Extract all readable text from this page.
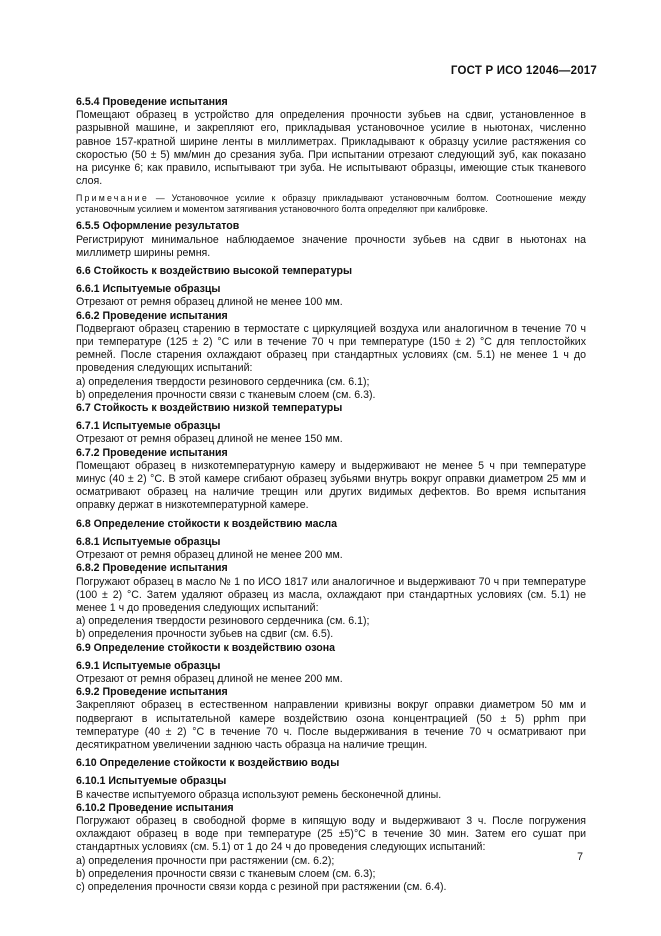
ГОСТ Р ИСО 12046—2017
6.5.4 Проведение испытания
Помещают образец в устройство для определения прочности зубьев на сдвиг, установленное в разрывной машине, и закрепляют его, прикладывая установочное усилие в ньютонах, численно равное 157-кратной ширине ленты в миллиметрах. Прикладывают к образцу усилие растяжения со скоростью (50 ± 5) мм/мин до срезания зуба. При испытании отрезают следующий зуб, как показано на рисунке 6; как правило, испытывают три зуба. Не испытывают образцы, имеющие стык тканевого слоя.
Примечание — Установочное усилие к образцу прикладывают установочным болтом. Соотношение между установочным усилием и моментом затягивания установочного болта определяют при калибровке.
6.5.5 Оформление результатов
Регистрируют минимальное наблюдаемое значение прочности зубьев на сдвиг в ньютонах на миллиметр ширины ремня.
6.6 Стойкость к воздействию высокой температуры
6.6.1 Испытуемые образцы
Отрезают от ремня образец длиной не менее 100 мм.
6.6.2 Проведение испытания
Подвергают образец старению в термостате с циркуляцией воздуха или аналогичном в течение 70 ч при температуре (125 ± 2) °С или в течение 70 ч при температуре (150 ± 2) °С для теплостойких ремней. После старения охлаждают образец при стандартных условиях (см. 5.1) не менее 1 ч до проведения следующих испытаний:
a) определения твердости резинового сердечника (см. 6.1);
b) определения прочности связи с тканевым слоем (см. 6.3).
6.7 Стойкость к воздействию низкой температуры
6.7.1 Испытуемые образцы
Отрезают от ремня образец длиной не менее 150 мм.
6.7.2 Проведение испытания
Помещают образец в низкотемпературную камеру и выдерживают не менее 5 ч при температуре минус (40 ± 2) °С. В этой камере сгибают образец зубьями внутрь вокруг оправки диаметром 25 мм и осматривают образец на наличие трещин или других видимых дефектов. Во время испытания оправку держат в низкотемпературной камере.
6.8 Определение стойкости к воздействию масла
6.8.1 Испытуемые образцы
Отрезают от ремня образец длиной не менее 200 мм.
6.8.2 Проведение испытания
Погружают образец в масло № 1 по ИСО 1817 или аналогичное и выдерживают 70 ч при температуре (100 ± 2) °С. Затем удаляют образец из масла, охлаждают при стандартных условиях (см. 5.1) не менее 1 ч до проведения следующих испытаний:
a) определения твердости резинового сердечника (см. 6.1);
b) определения прочности зубьев на сдвиг (см. 6.5).
6.9 Определение стойкости к воздействию озона
6.9.1 Испытуемые образцы
Отрезают от ремня образец длиной не менее 200 мм.
6.9.2 Проведение испытания
Закрепляют образец в естественном направлении кривизны вокруг оправки диаметром 50 мм и подвергают в испытательной камере воздействию озона концентрацией (50 ± 5) pphm при температуре (40 ± 2) °С в течение 70 ч. После выдерживания в течение 70 ч осматривают при десятикратном увеличении заднюю часть образца на наличие трещин.
6.10 Определение стойкости к воздействию воды
6.10.1 Испытуемые образцы
В качестве испытуемого образца используют ремень бесконечной длины.
6.10.2 Проведение испытания
Погружают образец в свободной форме в кипящую воду и выдерживают 3 ч. После погружения охлаждают образец в воде при температуре (25 ±5)°С в течение 30 мин. Затем его сушат при стандартных условиях (см. 5.1) от 1 до 24 ч до проведения следующих испытаний:
a) определения прочности при растяжении (см. 6.2);
b) определения прочности связи с тканевым слоем (см. 6.3);
c) определения прочности связи корда с резиной при растяжении (см. 6.4).
7
